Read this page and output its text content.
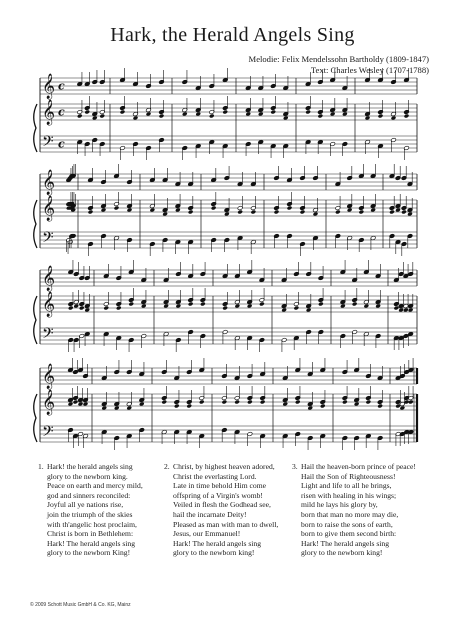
Hark, the Herald Angels Sing
Melodie: Felix Mendelssohn Bartholdy (1809-1847)
Text: Charles Wesley (1707-1788)
𝄞
𝄞
𝄢
c
c
c
𝄞
𝄞
𝄢
𝄞
𝄞
𝄢
𝄞
𝄞
𝄢
1. Hark! the herald angels sing
glory to the newborn king.
Peace on earth and mercy mild,
god and sinners reconciled:
Joyful all ye nations rise,
join the triumph of the skies
with th'angelic host proclaim,
Christ is born in Bethlehem:
Hark! The herald angels sing
glory to the newborn King!
2. Christ, by highest heaven adored,
Christ the everlasting Lord.
Late in time behold Him come
offspring of a Virgin's womb!
Veiled in flesh the Godhead see,
hail the incarnate Deity!
Pleased as man with man to dwell,
Jesus, our Emmanuel!
Hark! The herald angels sing
glory to the newborn king!
3. Hail the heaven-born prince of peace!
Hail the Son of Righteousness!
Light and life to all he brings,
risen with healing in his wings;
mild he lays his glory by,
born that man no more may die,
born to raise the sons of earth,
born to give them second birth:
Hark! The herald angels sing
glory to the newborn king!
© 2009 Schott Music GmbH & Co. KG, Mainz
